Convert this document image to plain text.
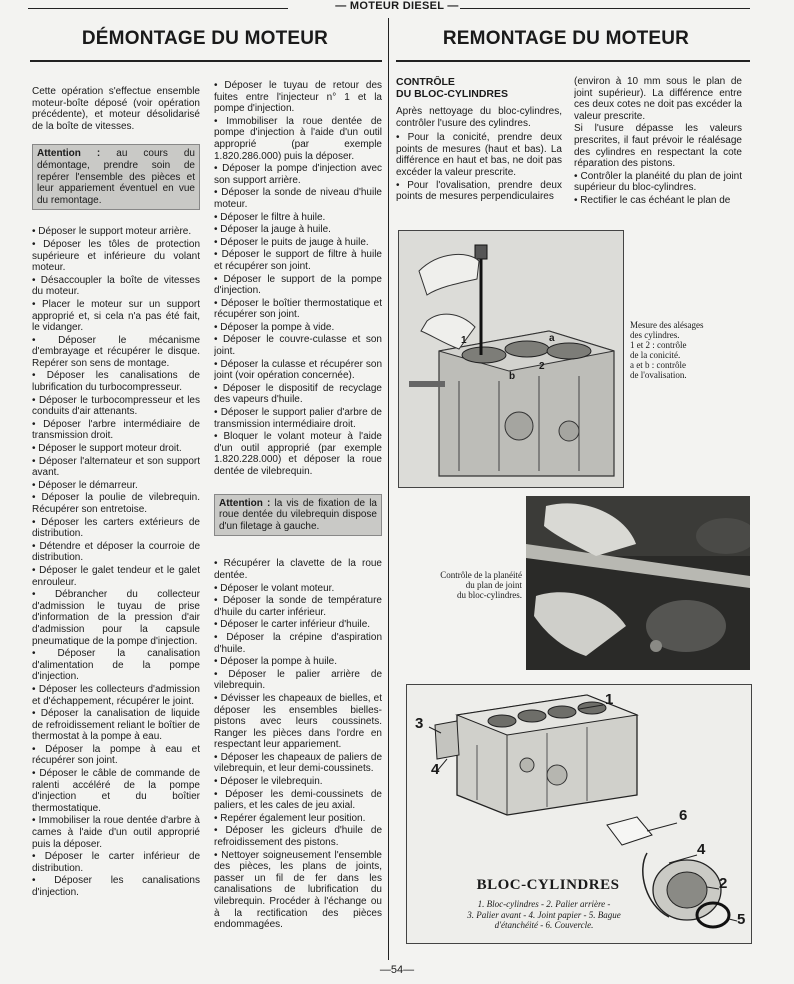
— MOTEUR DIESEL —
DÉMONTAGE DU MOTEUR	REMONTAGE DU MOTEUR

Cette opération s'effectue ensemble moteur-boîte déposé (voir opération précédente), et moteur désolidarisé de la boîte de vitesses.

Attention : au cours du démontage, prendre soin de repérer l'ensemble des pièces et leur appariement éventuel en vue du remontage.
• Déposer le support moteur arrière.
• Déposer les tôles de protection supérieure et inférieure du volant moteur.
• Désaccoupler la boîte de vitesses du moteur.
• Placer le moteur sur un support approprié et, si cela n'a pas été fait, le vidanger.
• Déposer le mécanisme d'embrayage et récupérer le disque. Repérer son sens de montage.
• Déposer les canalisations de lubrification du turbocompresseur.
• Déposer le turbocompresseur et les conduits d'air attenants.
• Déposer l'arbre intermédiaire de transmission droit.
• Déposer le support moteur droit.
• Déposer l'alternateur et son support avant.
• Déposer le démarreur.
• Déposer la poulie de vilebrequin. Récupérer son entretoise.
• Déposer les carters extérieurs de distribution.
• Détendre et déposer la courroie de distribution.
• Déposer le galet tendeur et le galet enrouleur.
• Débrancher du collecteur d'admission le tuyau de prise d'information de la pression d'air d'admission pour la capsule pneumatique de la pompe d'injection.
• Déposer la canalisation d'alimentation de la pompe d'injection.
• Déposer les collecteurs d'admission et d'échappement, récupérer le joint.
• Déposer la canalisation de liquide de refroidissement reliant le boîtier de thermostat à la pompe à eau.
• Déposer la pompe à eau et récupérer son joint.
• Déposer le câble de commande de ralenti accéléré de la pompe d'injection et du boîtier thermostatique.
• Immobiliser la roue dentée d'arbre à cames à l'aide d'un outil approprié puis la déposer.
• Déposer le carter inférieur de distribution.
• Déposer les canalisations d'injection.
• Déposer le tuyau de retour des fuites entre l'injecteur n° 1 et la pompe d'injection.
• Immobiliser la roue dentée de pompe d'injection à l'aide d'un outil approprié (par exemple 1.820.286.000) puis la déposer.
• Déposer la pompe d'injection avec son support arrière.
• Déposer la sonde de niveau d'huile moteur.
• Déposer le filtre à huile.
• Déposer la jauge à huile.
• Déposer le puits de jauge à huile.
• Déposer le support de filtre à huile et récupérer son joint.
• Déposer le support de la pompe d'injection.
• Déposer le boîtier thermostatique et récupérer son joint.
• Déposer la pompe à vide.
• Déposer le couvre-culasse et son joint.
• Déposer la culasse et récupérer son joint (voir opération concernée).
• Déposer le dispositif de recyclage des vapeurs d'huile.
• Déposer le support palier d'arbre de transmission intermédiaire droit.
• Bloquer le volant moteur à l'aide d'un outil approprié (par exemple 1.820.228.000) et déposer la roue dentée de vilebrequin.
Attention : la vis de fixation de la roue dentée du vilebrequin dispose d'un filetage à gauche.
• Récupérer la clavette de la roue dentée.
• Déposer le volant moteur.
• Déposer la sonde de température d'huile du carter inférieur.
• Déposer le carter inférieur d'huile.
• Déposer la crépine d'aspiration d'huile.
• Déposer la pompe à huile.
• Déposer le palier arrière de vilebrequin.
• Dévisser les chapeaux de bielles, et déposer les ensembles bielles-pistons avec leurs coussinets. Ranger les pièces dans l'ordre en respectant leur appariement.
• Déposer les chapeaux de paliers de vilebrequin, et leur demi-coussinets.
• Déposer le vilebrequin.
• Déposer les demi-coussinets de paliers, et les cales de jeu axial.
• Repérer également leur position.
• Déposer les gicleurs d'huile de refroidissement des pistons.
• Nettoyer soigneusement l'ensemble des pièces, les plans de joints, passer un fil de fer dans les canalisations de lubrification du vilebrequin. Procéder à l'échange ou à la rectification des pièces endommagées.
CONTRÔLE
DU BLOC-CYLINDRES

Après nettoyage du bloc-cylindres, contrôler l'usure des cylindres.

• Pour la conicité, prendre deux points de mesures (haut et bas). La différence en haut et bas, ne doit pas excéder la valeur prescrite.
• Pour l'ovalisation, prendre deux points de mesures perpendiculaires

(environ à 10 mm sous le plan de joint supérieur). La différence entre ces deux cotes ne doit pas excéder la valeur prescrite.

Si l'usure dépasse les valeurs prescrites, il faut prévoir le réalésage des cylindres en respectant la cote réparation des pistons.

• Contrôler la planéité du plan de joint supérieur du bloc-cylindres.
• Rectifier le cas échéant le plan de
1
2
a
b
Mesure des alésages
des cylindres.
1 et 2 : contrôle
de la conicité.
a et b : contrôle
de l'ovalisation.
Contrôle de la planéité
du plan de joint
du bloc-cylindres.
1
3
4
6
4
2
5
BLOC-CYLINDRES
1. Bloc-cylindres - 2. Palier arrière -
3. Palier avant - 4. Joint papier - 5. Bague
d'étanchéité - 6. Couvercle.
—54—
